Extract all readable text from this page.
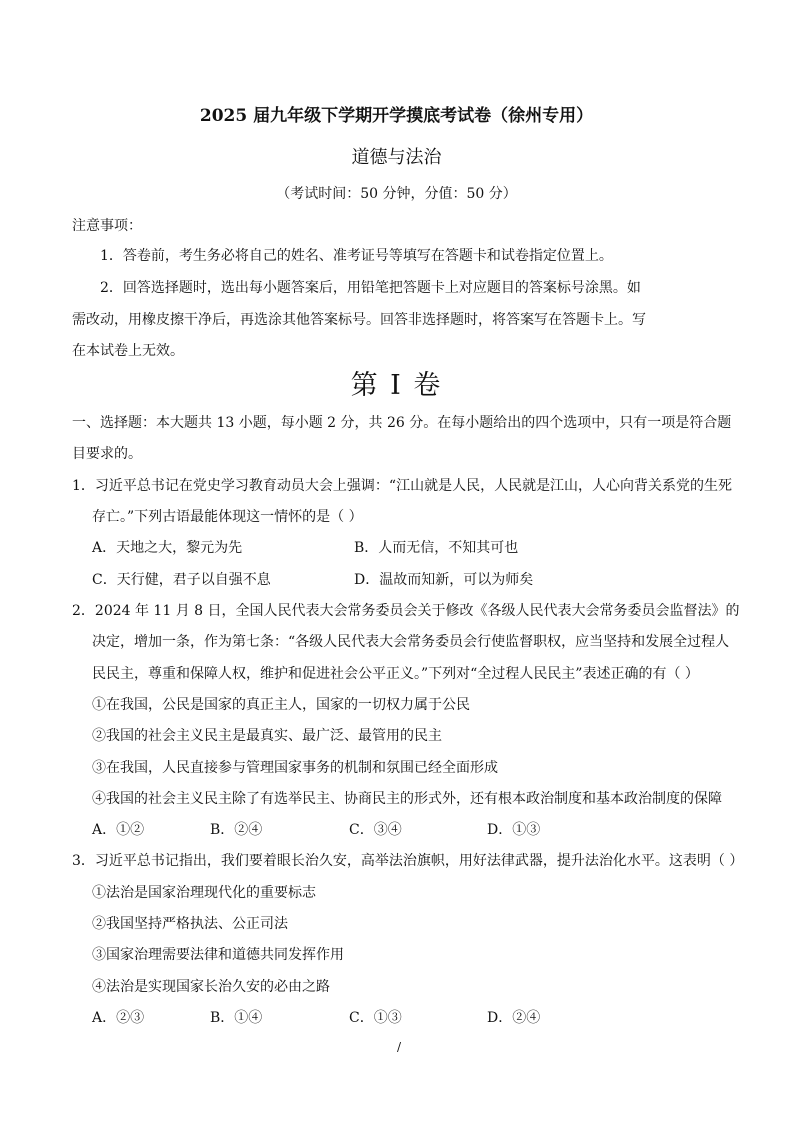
2025 届九年级下学期开学摸底考试卷（徐州专用）
道德与法治
（考试时间：50 分钟，分值：50 分）
注意事项：
1．答卷前，考生务必将自己的姓名、准考证号等填写在答题卡和试卷指定位置上。
2．回答选择题时，选出每小题答案后，用铅笔把答题卡上对应题目的答案标号涂黑。如
需改动，用橡皮擦干净后，再选涂其他答案标号。回答非选择题时，将答案写在答题卡上。写
在本试卷上无效。
第 I 卷
一、选择题：本大题共 13 小题，每小题 2 分，共 26 分。在每小题给出的四个选项中，只有一项是符合题
目要求的。
1．习近平总书记在党史学习教育动员大会上强调：“江山就是人民，人民就是江山，人心向背关系党的生死
存亡。”下列古语最能体现这一情怀的是（ ）
A．天地之大，黎元为先	B．人而无信，不知其可也
C．天行健，君子以自强不息	D．温故而知新，可以为师矣
2．2024 年 11 月 8 日，全国人民代表大会常务委员会关于修改《各级人民代表大会常务委员会监督法》的
决定，增加一条，作为第七条：“各级人民代表大会常务委员会行使监督职权，应当坚持和发展全过程人
民民主，尊重和保障人权，维护和促进社会公平正义。”下列对“全过程人民民主”表述正确的有（ ）
①在我国，公民是国家的真正主人，国家的一切权力属于公民
②我国的社会主义民主是最真实、最广泛、最管用的民主
③在我国，人民直接参与管理国家事务的机制和氛围已经全面形成
④我国的社会主义民主除了有选举民主、协商民主的形式外，还有根本政治制度和基本政治制度的保障
A．①②	B．②④	C．③④	D．①③
3．习近平总书记指出，我们要着眼长治久安，高举法治旗帜，用好法律武器，提升法治化水平。这表明（ ）
①法治是国家治理现代化的重要标志
②我国坚持严格执法、公正司法
③国家治理需要法律和道德共同发挥作用
④法治是实现国家长治久安的必由之路
A．②③	B．①④	C．①③	D．②④
/
